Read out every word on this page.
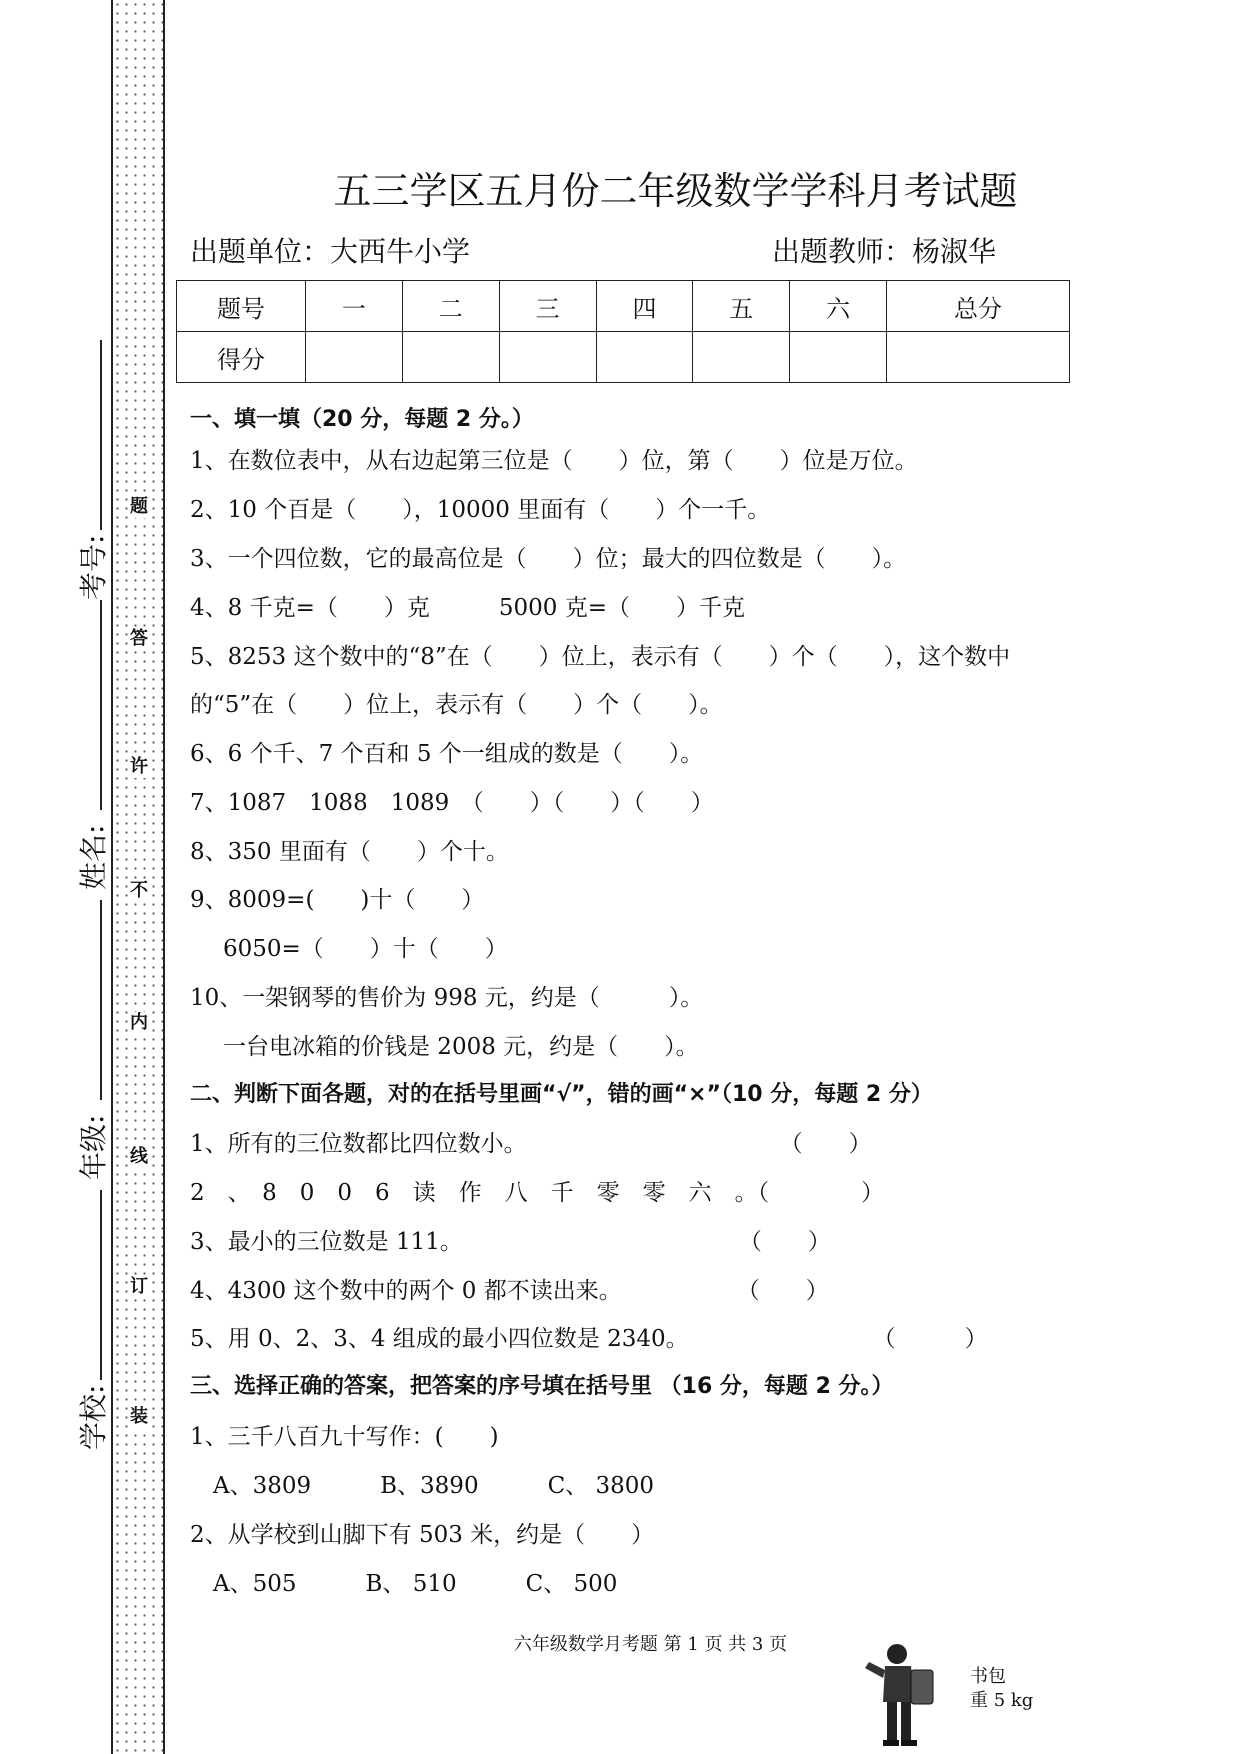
考号:
姓名:
年级:
学校:
题
答
许
不
内
线
订
装
五三学区五月份二年级数学学科月考试题
出题单位：大西牛小学	出题教师：杨淑华
题号	一	二	三	四	五	六	总分
得分							
一、填一填（20 分，每题 2 分。）
1、在数位表中，从右边起第三位是（　　）位，第（　　）位是万位。
2、10 个百是（　　），10000 里面有（　　）个一千。
3、一个四位数，它的最高位是（　　）位；最大的四位数是（　　）。
4、8 千克=（　　）克　　　5000 克=（　　）千克
5、8253 这个数中的“8”在（　　）位上，表示有（　　）个（　　），这个数中
的“5”在（　　）位上，表示有（　　）个（　　）。
6、6 个千、7 个百和 5 个一组成的数是（　　）。
7、1087　1088　1089　（　　）（　　）（　　）
8、350 里面有（　　）个十。
9、8009=(　　)十（　　）
　6050=（　　）十（　　）
10、一架钢琴的售价为 998 元，约是（　　　）。
　一台电冰箱的价钱是 2008 元，约是（　　）。
二、判断下面各题，对的在括号里画“√”，错的画“×”（10 分，每题 2 分）
1、所有的三位数都比四位数小。　　　　　　　　　　　　（　　）
2　、　8　0　0　6　读　作　八　千　零　零　六　。（　　　　）
3、最小的三位数是 111。　　　　　　　　　　　　　（　　）
4、4300 这个数中的两个 0 都不读出来。　　　　　　（　　）
5、用 0、2、3、4 组成的最小四位数是 2340。　　　　　　　　　（　　　）
三、选择正确的答案，把答案的序号填在括号里 （16 分，每题 2 分。）
1、三千八百九十写作：(　　)
　A、3809　　　B、3890　　　C、 3800
2、从学校到山脚下有 503 米，约是（　　）
　A、505　　　B、 510　　　C、 500
六年级数学月考题 第 1 页 共 3 页
书包
重 5 kg
